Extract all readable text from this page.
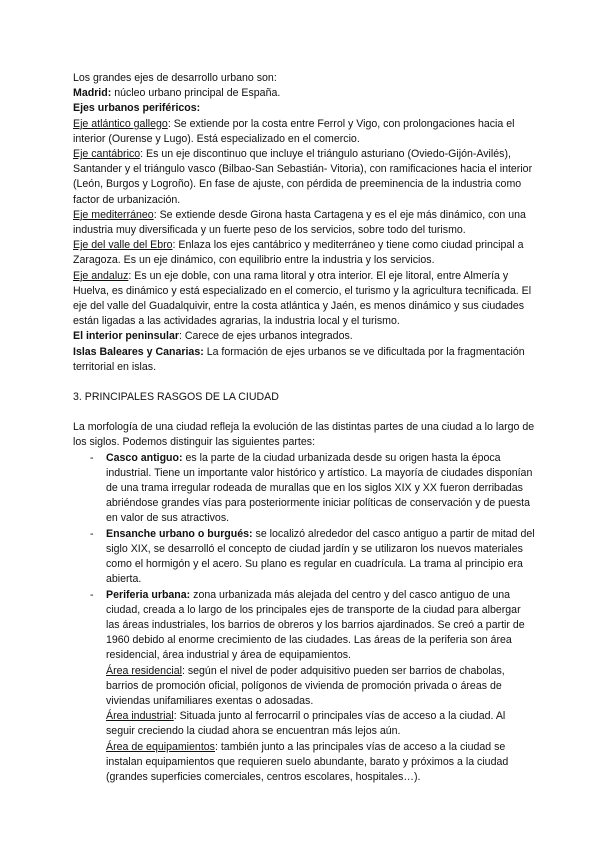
Los grandes ejes de desarrollo urbano son:

Madrid: núcleo urbano principal de España.

Ejes urbanos periféricos:

Eje atlántico gallego: Se extiende por la costa entre Ferrol y Vigo, con prolongaciones hacia el interior (Ourense y Lugo). Está especializado en el comercio.

Eje cantábrico: Es un eje discontinuo que incluye el triángulo asturiano (Oviedo-Gijón-Avilés), Santander y el triángulo vasco (Bilbao-San Sebastián- Vitoria), con ramificaciones hacia el interior (León, Burgos y Logroño). En fase de ajuste, con pérdida de preeminencia de la industria como factor de urbanización.

Eje mediterráneo: Se extiende desde Girona hasta Cartagena y es el eje más dinámico, con una industria muy diversificada y un fuerte peso de los servicios, sobre todo del turismo.

Eje del valle del Ebro: Enlaza los ejes cantábrico y mediterráneo y tiene como ciudad principal a Zaragoza. Es un eje dinámico, con equilibrio entre la industria y los servicios.

Eje andaluz: Es un eje doble, con una rama litoral y otra interior. El eje litoral, entre Almería y Huelva, es dinámico y está especializado en el comercio, el turismo y la agricultura tecnificada. El eje del valle del Guadalquivir, entre la costa atlántica y Jaén, es menos dinámico y sus ciudades están ligadas a las actividades agrarias, la industria local y el turismo.

El interior peninsular: Carece de ejes urbanos integrados.

Islas Baleares y Canarias: La formación de ejes urbanos se ve dificultada por la fragmentación territorial en islas.

3. PRINCIPALES RASGOS DE LA CIUDAD

La morfología de una ciudad refleja la evolución de las distintas partes de una ciudad a lo largo de los siglos. Podemos distinguir las siguientes partes:

- Casco antiguo: es la parte de la ciudad urbanizada desde su origen hasta la época industrial. Tiene un importante valor histórico y artístico. La mayoría de ciudades disponían de una trama irregular rodeada de murallas que en los siglos XIX y XX fueron derribadas abriéndose grandes vías para posteriormente iniciar políticas de conservación y de puesta en valor de sus atractivos.
- Ensanche urbano o burgués: se localizó alrededor del casco antiguo a partir de mitad del siglo XIX, se desarrolló el concepto de ciudad jardín y se utilizaron los nuevos materiales como el hormigón y el acero. Su plano es regular en cuadrícula. La trama al principio era abierta.
- Periferia urbana: zona urbanizada más alejada del centro y del casco antiguo de una ciudad, creada a lo largo de los principales ejes de transporte de la ciudad para albergar las áreas industriales, los barrios de obreros y los barrios ajardinados. Se creó a partir de 1960 debido al enorme crecimiento de las ciudades. Las áreas de la periferia son área residencial, área industrial y área de equipamientos.

Área residencial: según el nivel de poder adquisitivo pueden ser barrios de chabolas, barrios de promoción oficial, polígonos de vivienda de promoción privada o áreas de viviendas unifamiliares exentas o adosadas.

Área industrial: Situada junto al ferrocarril o principales vías de acceso a la ciudad. Al seguir creciendo la ciudad ahora se encuentran más lejos aún.

Área de equipamientos: también junto a las principales vías de acceso a la ciudad se instalan equipamientos que requieren suelo abundante, barato y próximos a la ciudad (grandes superficies comerciales, centros escolares, hospitales…).
